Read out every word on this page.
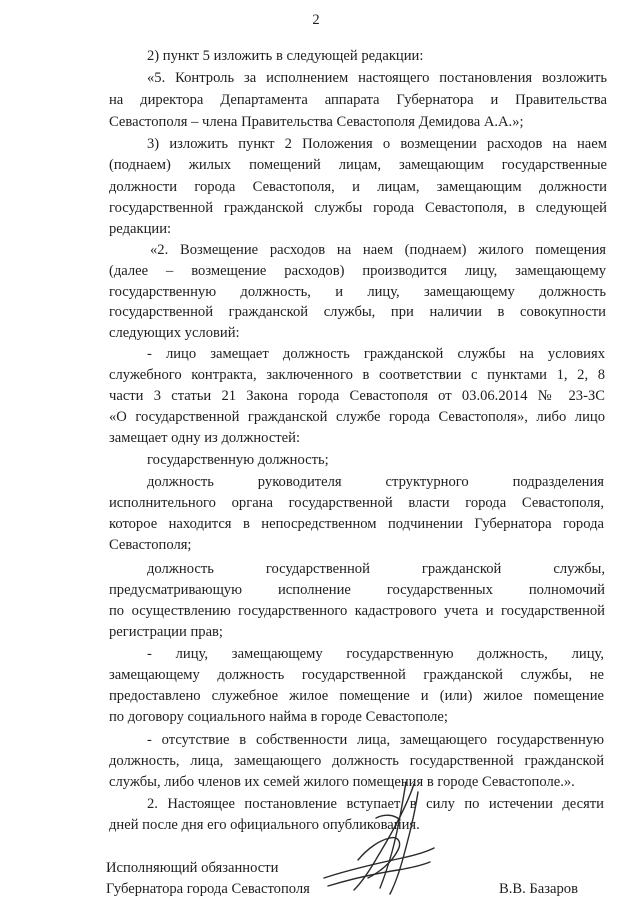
2
2) пункт 5 изложить в следующей редакции:
«5. Контроль за исполнением настоящего постановления возложить
на директора Департамента аппарата Губернатора и Правительства
Севастополя – члена Правительства Севастополя Демидова А.А.»;
3) изложить пункт 2 Положения о возмещении расходов на наем
(поднаем) жилых помещений лицам, замещающим государственные
должности города Севастополя, и лицам, замещающим должности
государственной гражданской службы города Севастополя, в следующей
редакции:
«2. Возмещение расходов на наем (поднаем) жилого помещения
(далее – возмещение расходов) производится лицу, замещающему
государственную должность, и лицу, замещающему должность
государственной гражданской службы, при наличии в совокупности
следующих условий:
- лицо замещает должность гражданской службы на условиях
служебного контракта, заключенного в соответствии с пунктами 1, 2, 8
части 3 статьи 21 Закона города Севастополя от 03.06.2014 № 23-ЗС
«О государственной гражданской службе города Севастополя», либо лицо
замещает одну из должностей:
государственную должность;
должность руководителя структурного подразделения
исполнительного органа государственной власти города Севастополя,
которое находится в непосредственном подчинении Губернатора города
Севастополя;
должность государственной гражданской службы,
предусматривающую исполнение государственных полномочий
по осуществлению государственного кадастрового учета и государственной
регистрации прав;
- лицу, замещающему государственную должность, лицу,
замещающему должность государственной гражданской службы, не
предоставлено служебное жилое помещение и (или) жилое помещение
по договору социального найма в городе Севастополе;
- отсутствие в собственности лица, замещающего государственную
должность, лица, замещающего должность государственной гражданской
службы, либо членов их семей жилого помещения в городе Севастополе.».
2. Настоящее постановление вступает в силу по истечении десяти
дней после дня его официального опубликования.
Исполняющий обязанности
Губернатора города Севастополя	В.В. Базаров
